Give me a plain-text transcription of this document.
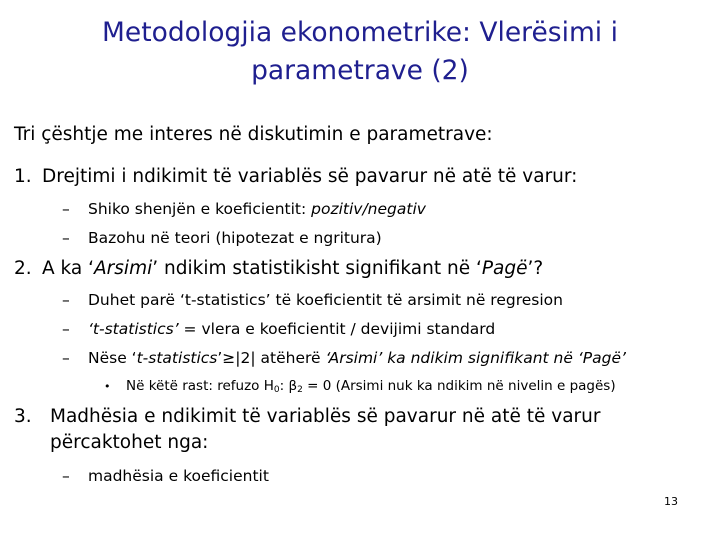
Metodologjia ekonometrike: Vlerësimi i
parametrave (2)
Tri çështje me interes në diskutimin e parametrave:
1. Drejtimi i ndikimit të variablës së pavarur në atë të varur:
– Shiko shenjën e koeficientit: pozitiv/negativ
– Bazohu në teori (hipotezat e ngritura)
2. A ka ‘Arsimi’ ndikim statistikisht signifikant në ‘Pagë’?
– Duhet parë ‘t-statistics’ të koeficientit të arsimit në regresion
– ‘t-statistics’ = vlera e koeficientit / devijimi standard
– Nëse ‘t-statistics’≥|2| atëherë ‘Arsimi’ ka ndikim signifikant në ‘Pagë’
• Në këtë rast: refuzo $H_0$: $\beta_2 = 0$ (Arsimi nuk ka ndikim në nivelin e pagës)
3. Madhësia e ndikimit të variablës së pavarur në atë të varur
përcaktohet nga:
– madhësia e koeficientit
13
